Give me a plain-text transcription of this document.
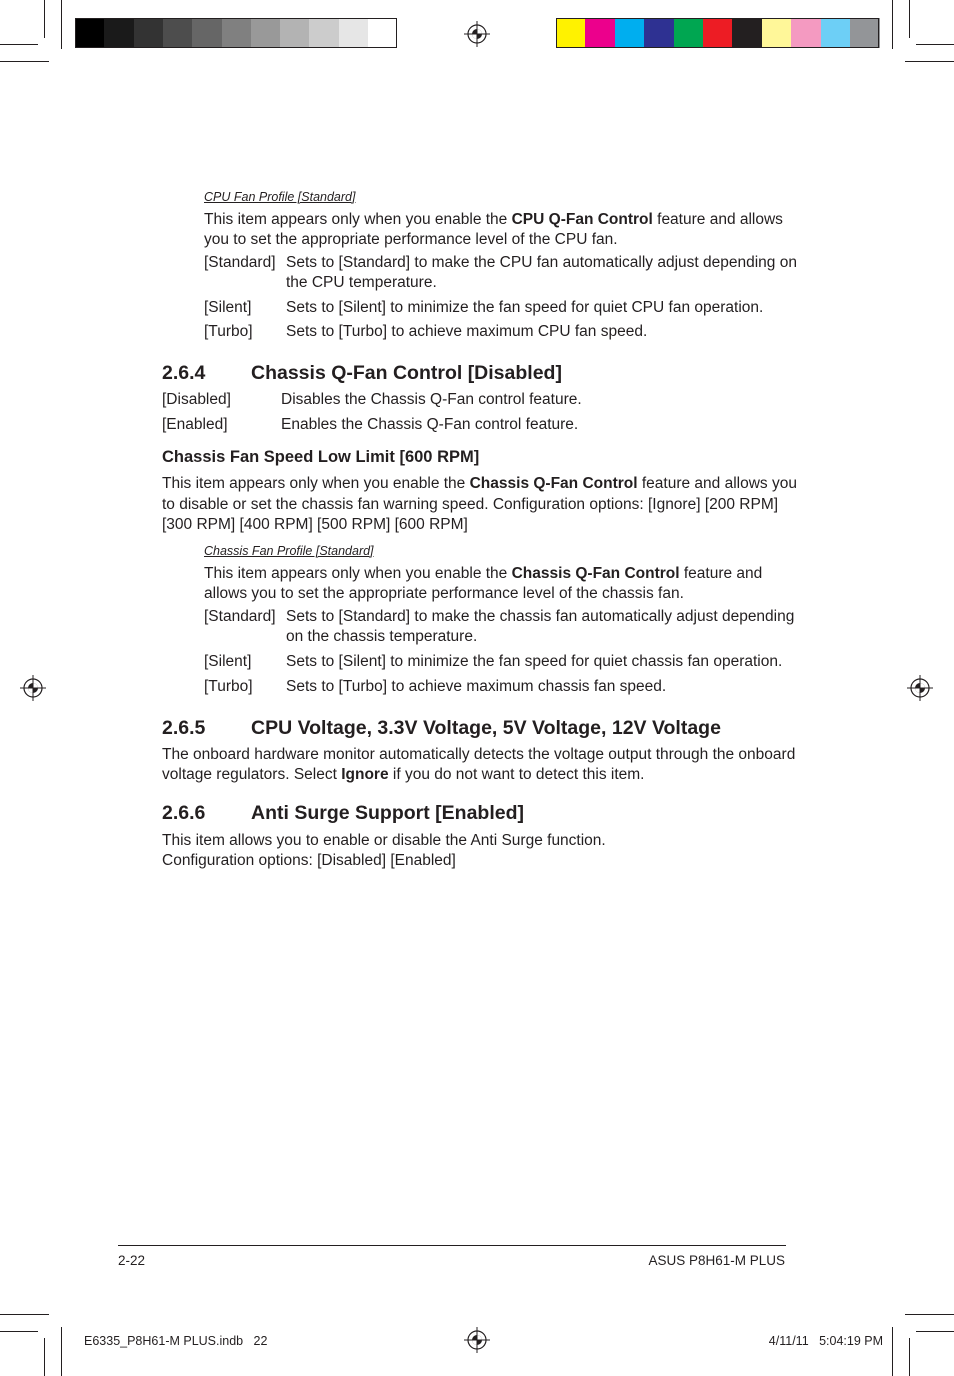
CPU Fan Profile [Standard]
This item appears only when you enable the CPU Q-Fan Control feature and allows
you to set the appropriate performance level of the CPU fan.
[Standard] Sets to [Standard] to make the CPU fan automatically adjust depending on
the CPU temperature.
[Silent] Sets to [Silent] to minimize the fan speed for quiet CPU fan operation.
[Turbo] Sets to [Turbo] to achieve maximum CPU fan speed.
2.6.4 Chassis Q-Fan Control [Disabled]
[Disabled]	Disables the Chassis Q-Fan control feature.
[Enabled]	Enables the Chassis Q-Fan control feature.
Chassis Fan Speed Low Limit [600 RPM]
This item appears only when you enable the Chassis Q-Fan Control feature and allows you
to disable or set the chassis fan warning speed. Configuration options: [Ignore] [200 RPM]
[300 RPM] [400 RPM] [500 RPM] [600 RPM]
Chassis Fan Profile [Standard]
This item appears only when you enable the Chassis Q-Fan Control feature and
allows you to set the appropriate performance level of the chassis fan.
[Standard] Sets to [Standard] to make the chassis fan automatically adjust depending
on the chassis temperature.
[Silent] Sets to [Silent] to minimize the fan speed for quiet chassis fan operation.
[Turbo] Sets to [Turbo] to achieve maximum chassis fan speed.
2.6.5 CPU Voltage, 3.3V Voltage, 5V Voltage, 12V Voltage
The onboard hardware monitor automatically detects the voltage output through the onboard
voltage regulators. Select Ignore if you do not want to detect this item.
2.6.6 Anti Surge Support [Enabled]
This item allows you to enable or disable the Anti Surge function.
Configuration options: [Disabled] [Enabled]
2-22	ASUS P8H61-M PLUS
E6335_P8H61-M PLUS.indb   22	4/11/11   5:04:19 PM
